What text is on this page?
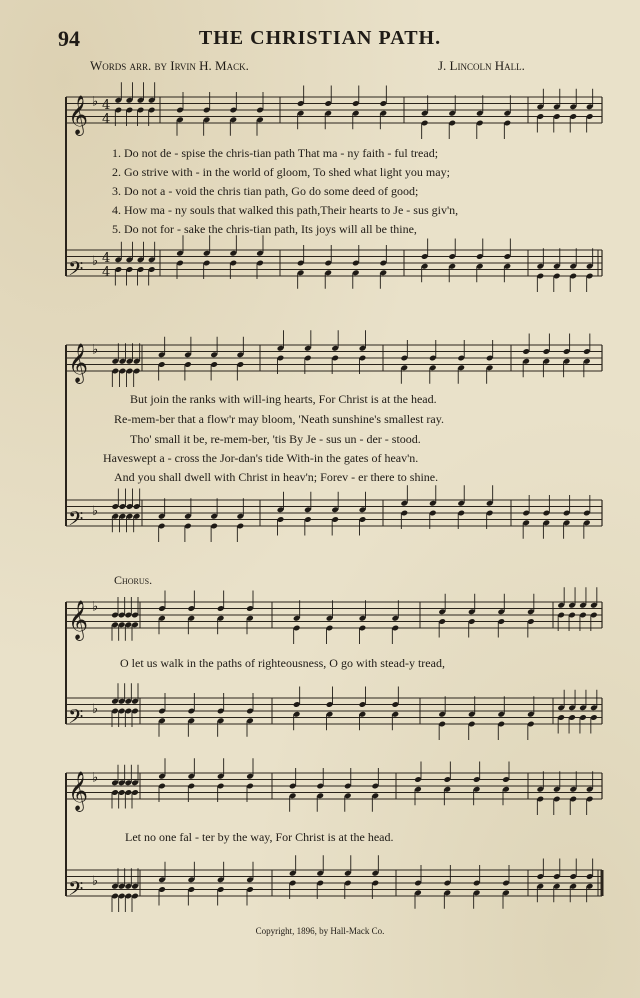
94	THE CHRISTIAN PATH.
Words arr. by Irvin H. Mack.	J. Lincoln Hall.
𝄞 ♭ 4
4
𝄢 ♭ 4
4
𝄞 ♭
𝄢 ♭
𝄞 ♭
𝄢 ♭
𝄞 ♭
𝄢 ♭
1. Do not de - spise the chris-tian path That ma - ny faith - ful tread;
2. Go strive with - in the world of gloom, To shed what light you may;
3. Do not a - void the chris tian path, Go do some deed of good;
4. How ma - ny souls that walked this path,Their hearts to Je - sus giv'n,
5. Do not for - sake the chris-tian path, Its joys will all be thine,
But join the ranks with will-ing hearts, For Christ is at the head.
Re-mem-ber that a flow'r may bloom, 'Neath sunshine's smallest ray.
Tho' small it be, re-mem-ber, 'tis By Je - sus un - der - stood.
Haveswept a - cross the Jor-dan's tide With-in the gates of heav'n.
And you shall dwell with Christ in heav'n; Forev - er there to shine.
Chorus.
O let us walk in the paths of righteousness, O go with stead-y tread,
Let no one fal - ter by the way, For Christ is at the head.
Copyright, 1896, by Hall-Mack Co.
